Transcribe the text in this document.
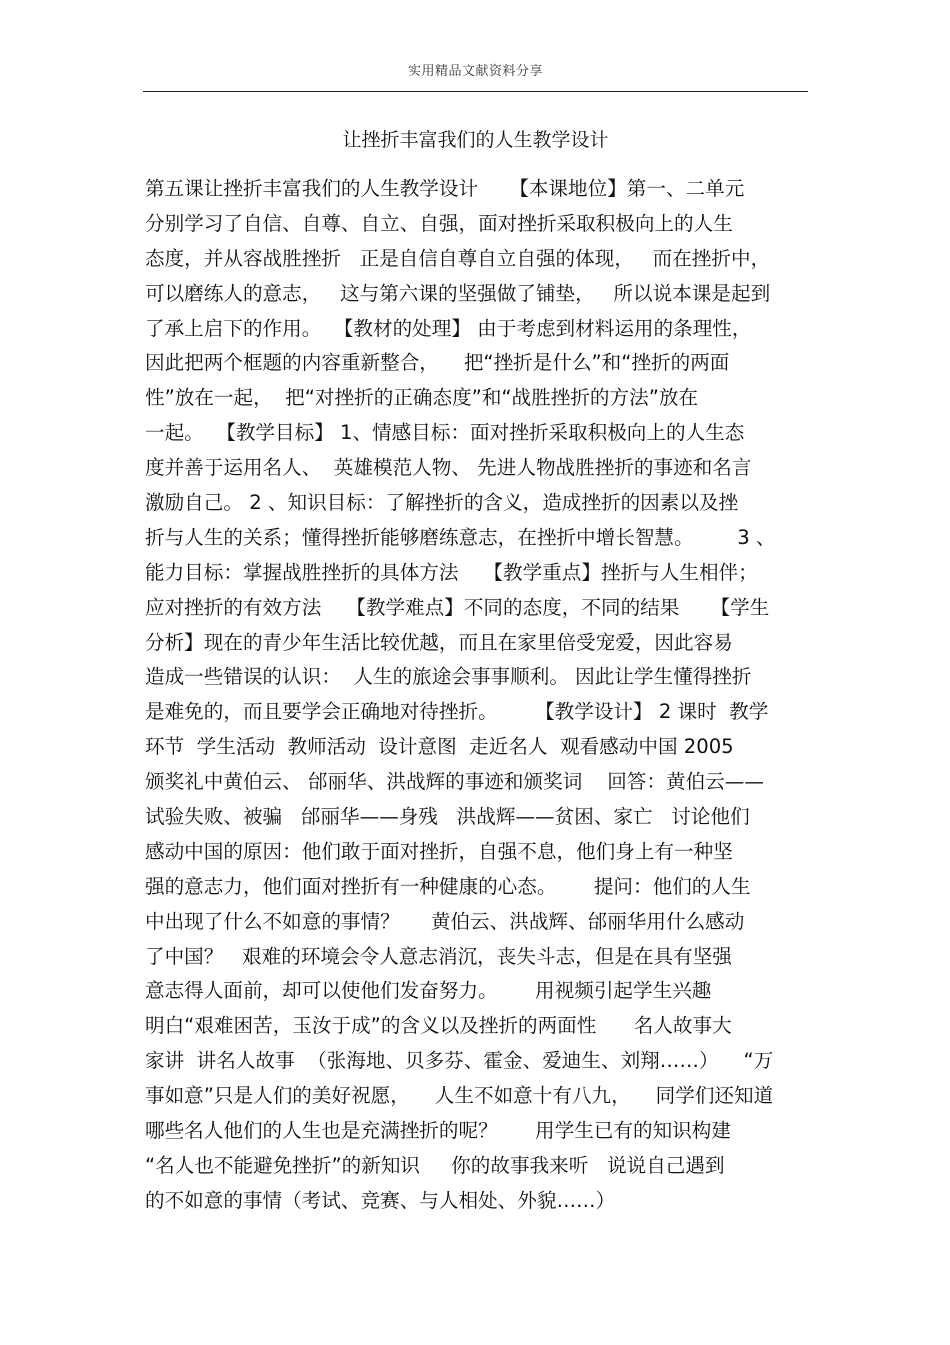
实用精品文献资料分享
让挫折丰富我们的人生教学设计
第五课让挫折丰富我们的人生教学设计     【本课地位】第一、二单元
分别学习了自信、自尊、自立、自强，面对挫折采取积极向上的人生
态度，并从容战胜挫折   正是自信自尊自立自强的体现，   而在挫折中，
可以磨练人的意志，   这与第六课的坚强做了铺垫，   所以说本课是起到
了承上启下的作用。  【教材的处理】 由于考虑到材料运用的条理性，
因此把两个框题的内容重新整合，    把“挫折是什么”和“挫折的两面
性”放在一起，  把“对挫折的正确态度”和“战胜挫折的方法”放在
一起。  【教学目标】 1、情感目标：面对挫折采取积极向上的人生态
度并善于运用名人、  英雄模范人物、 先进人物战胜挫折的事迹和名言
激励自己。 2 、知识目标：了解挫折的含义，造成挫折的因素以及挫
折与人生的关系；懂得挫折能够磨练意志，在挫折中增长智慧。       3 、
能力目标：掌握战胜挫折的具体方法    【教学重点】挫折与人生相伴；
应对挫折的有效方法    【教学难点】不同的态度，不同的结果     【学生
分析】现在的青少年生活比较优越，而且在家里倍受宠爱，因此容易
造成一些错误的认识：  人生的旅途会事事顺利。 因此让学生懂得挫折
是难免的，而且要学会正确地对待挫折。      【教学设计】 2 课时  教学
环节  学生活动  教师活动  设计意图  走近名人  观看感动中国 2005
颁奖礼中黄伯云、 邰丽华、洪战辉的事迹和颁奖词    回答：黄伯云——
试验失败、被骗   邰丽华——身残   洪战辉——贫困、家亡   讨论他们
感动中国的原因：他们敢于面对挫折，自强不息，他们身上有一种坚
强的意志力，他们面对挫折有一种健康的心态。      提问：他们的人生
中出现了什么不如意的事情？     黄伯云、洪战辉、邰丽华用什么感动
了中国？   艰难的环境会令人意志消沉，丧失斗志，但是在具有坚强
意志得人面前，却可以使他们发奋努力。      用视频引起学生兴趣
明白“艰难困苦，玉汝于成”的含义以及挫折的两面性      名人故事大
家讲  讲名人故事  （张海地、贝多芬、霍金、爱迪生、刘翔……）    “万
事如意”只是人们的美好祝愿，    人生不如意十有八九，    同学们还知道
哪些名人他们的人生也是充满挫折的呢？      用学生已有的知识构建
“名人也不能避免挫折”的新知识     你的故事我来听   说说自己遇到
的不如意的事情（考试、竞赛、与人相处、外貌……）
